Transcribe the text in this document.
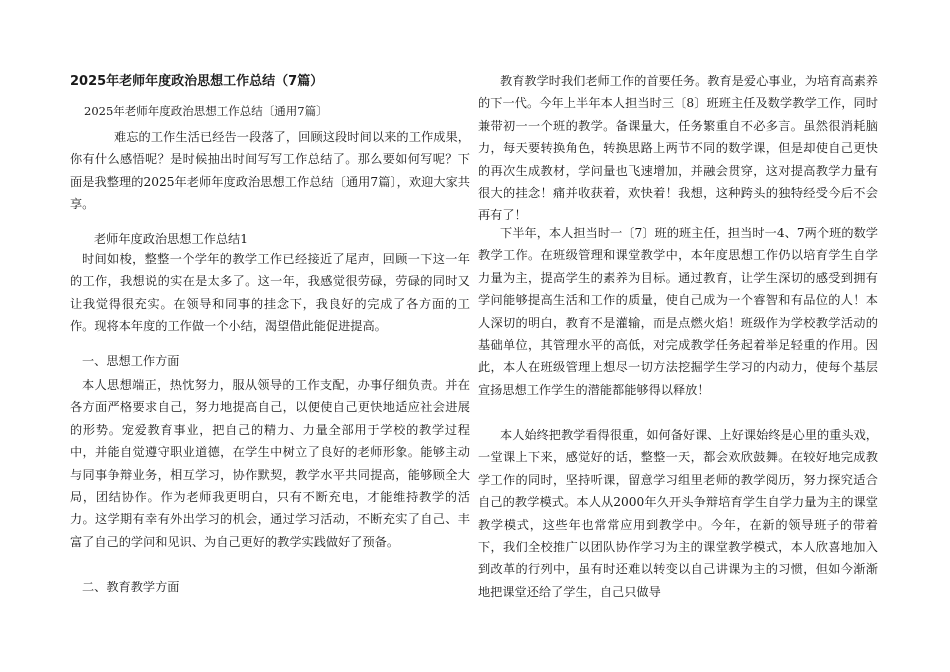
2025年老师年度政治思想工作总结（7篇）
2025年老师年度政治思想工作总结〔通用7篇〕

难忘的工作生活已经告一段落了，回顾这段时间以来的工作成果，你有什么感悟呢？是时候抽出时间写写工作总结了。那么要如何写呢？下面是我整理的2025年老师年度政治思想工作总结〔通用7篇〕，欢迎大家共享。

老师年度政治思想工作总结1

时间如梭，整整一个学年的教学工作已经接近了尾声，回顾一下这一年的工作，我想说的实在是太多了。这一年，我感觉很劳碌，劳碌的同时又让我觉得很充实。在领导和同事的挂念下，我良好的完成了各方面的工作。现将本年度的工作做一个小结，渴望借此能促进提高。

一、思想工作方面

本人思想端正，热忱努力，服从领导的工作支配，办事仔细负责。并在各方面严格要求自己，努力地提高自己，以便使自己更快地适应社会进展的形势。宠爱教育事业，把自己的精力、力量全部用于学校的教学过程中，并能自觉遵守职业道德，在学生中树立了良好的老师形象。能够主动与同事争辩业务，相互学习，协作默契，教学水平共同提高，能够顾全大局，团结协作。作为老师我更明白，只有不断充电，才能维持教学的活力。这学期有幸有外出学习的机会，通过学习活动，不断充实了自己、丰富了自己的学问和见识、为自己更好的教学实践做好了预备。

二、教育教学方面

教育教学时我们老师工作的首要任务。教育是爱心事业，为培育高素养的下一代。今年上半年本人担当时三〔8〕班班主任及数学教学工作，同时兼带初一一个班的教学。备课量大，任务繁重自不必多言。虽然很消耗脑力，每天要转换角色，转换思路上两节不同的数学课，但是却使自己更快的再次生成教材，学问量也飞速增加，并融会贯穿，这对提高教学力量有很大的挂念！痛并收获着，欢快着！我想，这种跨头的独特经受今后不会再有了！

下半年，本人担当时一〔7〕班的班主任，担当时一4、7两个班的数学教学工作。在班级管理和课堂教学中，本年度思想工作仍以培育学生自学力量为主，提高学生的素养为目标。通过教育，让学生深切的感受到拥有学问能够提高生活和工作的质量，使自己成为一个睿智和有品位的人！本人深切的明白，教育不是灌输，而是点燃火焰！班级作为学校教学活动的基础单位，其管理水平的高低，对完成教学任务起着举足轻重的作用。因此，本人在班级管理上想尽一切方法挖掘学生学习的内动力，使每个基层宣扬思想工作学生的潜能都能够得以释放！

本人始终把教学看得很重，如何备好课、上好课始终是心里的重头戏，一堂课上下来，感觉好的话，整整一天，都会欢欣鼓舞。在较好地完成教学工作的同时，坚持听课，留意学习组里老师的教学阅历，努力探究适合自己的教学模式。本人从2000年久开头争辩培育学生自学力量为主的课堂教学模式，这些年也常常应用到教学中。今年，在新的领导班子的带着下，我们全校推广以团队协作学习为主的课堂教学模式，本人欣喜地加入到改革的行列中，虽有时还难以转变以自己讲课为主的习惯，但如今渐渐地把课堂还给了学生，自己只做导
